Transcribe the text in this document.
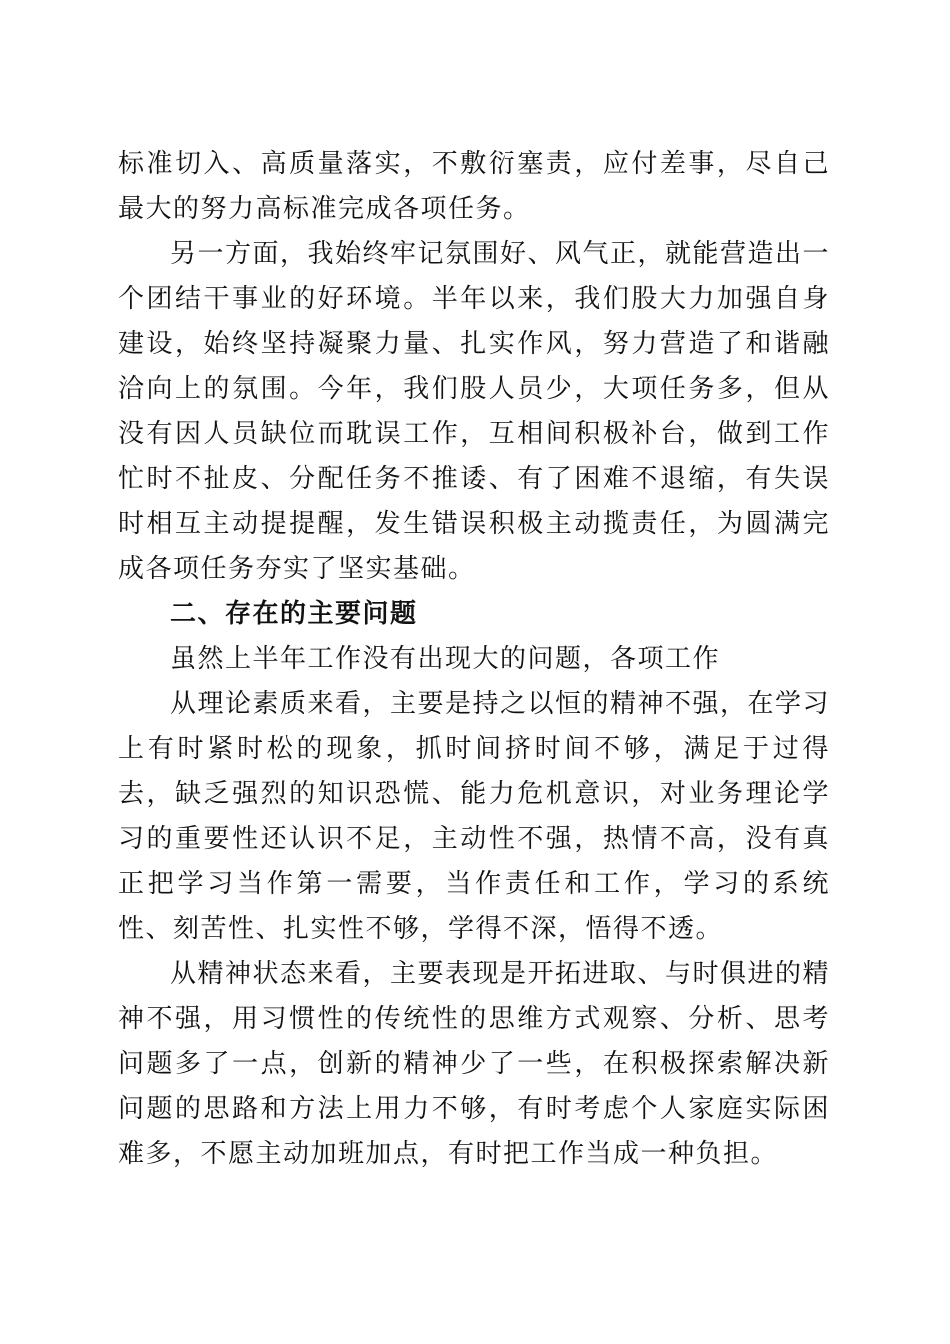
标准切入、高质量落实，不敷衍塞责，应付差事，尽自己最大的努力高标准完成各项任务。

另一方面，我始终牢记氛围好、风气正，就能营造出一个团结干事业的好环境。半年以来，我们股大力加强自身建设，始终坚持凝聚力量、扎实作风，努力营造了和谐融洽向上的氛围。今年，我们股人员少，大项任务多，但从没有因人员缺位而耽误工作，互相间积极补台，做到工作忙时不扯皮、分配任务不推诿、有了困难不退缩，有失误时相互主动提提醒，发生错误积极主动揽责任，为圆满完成各项任务夯实了坚实基础。

二、存在的主要问题

虽然上半年工作没有出现大的问题，各项工作

从理论素质来看，主要是持之以恒的精神不强，在学习上有时紧时松的现象，抓时间挤时间不够，满足于过得去，缺乏强烈的知识恐慌、能力危机意识，对业务理论学习的重要性还认识不足，主动性不强，热情不高，没有真正把学习当作第一需要，当作责任和工作，学习的系统性、刻苦性、扎实性不够，学得不深，悟得不透。

从精神状态来看，主要表现是开拓进取、与时俱进的精神不强，用习惯性的传统性的思维方式观察、分析、思考问题多了一点，创新的精神少了一些，在积极探索解决新问题的思路和方法上用力不够，有时考虑个人家庭实际困难多，不愿主动加班加点，有时把工作当成一种负担。
